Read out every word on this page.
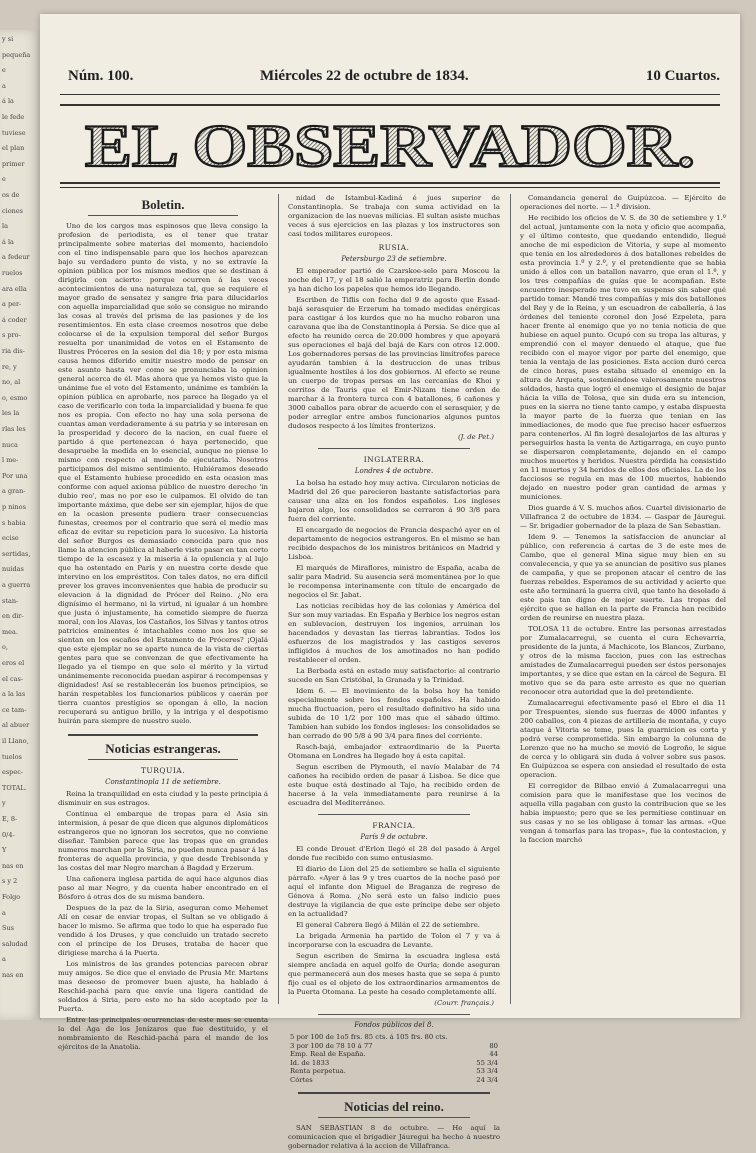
y si
pequeña
e
a
á la
le fede
tuviese
el plan
primer
e
os de
ciones
la
á la
a fedeur
ruelos
ara ella
a per-
á coder
s pro-
ria dis-
re, y
no, al
o, esmo
les la
rlas les
nuca
l me-
Por una
a gran-
p ninos
s habia
ecise
sertidas,
nuidas
a guerra
stan-
en dir-
mea.
o,
eros el
el cas-
a la las
ce tam-
al abuer
il Llano,
tuelos
espec-
TOTAL.
y
E, 8-
0/4-
Y
nas en
s y 2
Folgo
a
Sus
saludad
a
nas en
Núm. 100.	Miércoles 22 de octubre de 1834.	10 Cuartos.
EL OBSERVADOR.
Boletin.

Uno de los cargos mas espinosos que lleva consigo la profesion de periodista, es el tener que tratar principalmente sobre materias del momento, haciendolo con el tino indispensable para que los hechos aparezcan bajo su verdadero punto de vista, y no se extravíe la opinion pública por los mismos medios que se destinan á dirigirla con acierto: porque ocurren á las veces acontecimientos de una naturaleza tal, que se requiere el mayor grado de sensatez y sangre fria para dilucidarlos con aquella imparcialidad que solo se consigue no mirando las cosas al través del prisma de las pasiones y de los resentimientos. En esta clase creemos nosotros que debe colocarse el de la expulsion temporal del señor Burgos resuelta por unanimidad de votos en el Estamento de Ilustres Próceres en la sesion del dia 18; y por esta misma causa hemos diferido emitir nuestro modo de pensar en este asunto hasta ver como se pronunciaba la opinion general acerca de él. Mas ahora que ya hemos visto que la unánime fue el voto del Estamento, unánime es también la opinion pública en aprobarle, nos parece ha llegado ya el caso de verificarlo con toda la imparcialidad y buena fe que nos es propia. Con efecto no hay una sola persona de cuantas aman verdaderamente á su patria y se interesan en la prosperidad y decoro de la nacion, en cual fuere el partido á que pertenezcan ó haya pertenecido, que desapruebe la medida en lo esencial, aunque no piense lo mismo con respecto al modo de ejecutarla. Nosotros participamos del mismo sentimiento. Hubiéramos deseado que el Estamento hubiese procedido en esta ocasion mas conforme con aquel axioma público de nuestro derecho 'in dubio reo', mas no por eso le culpamos. El olvido de tan importante máxima, que debe ser sin ejemplar, hijos de que en la ocasion presente pudiera traer consecuencias funestas, creemos por el contrario que será el medio mas eficaz de evitar su repeticion para lo sucesivo. La historia del señor Burgos es demasiado conocida para que nos llame la atencion pública al haberle visto pasar en tan corto tiempo de la escasez y la miseria á la opulencia y al lujo que ha ostentado en París y en nuestra corte desde que intervino en los empréstitos. Con tales datos, no era difícil prever los graves inconvenientes que habia de producir su elevacion á la dignidad de Prócer del Reino. ¿No era dignísimo el hermano, ni la virtud, ni igualar á un hombre que justa ó injustamente, ha cometido siempre de fuerza moral, con los Alavas, los Castaños, los Silvas y tantos otros patricios eminentes é intachables como nos los que se sientan en los escaños del Estamento de Próceres? ¡Ojalá que este ejemplar no se aparte nunca de la vista de ciertas gentes para que se convenzan de que efectivamente ha llegado ya el tiempo en que solo el mérito y la virtud unánimemente reconocida puedan aspirar á recompensas y dignidades! Así se restablecerán los buenos principios, se harán respetables los funcionarios públicos y caerán por tierra cuantos prestigios se opongan á ello, la nacion recuperará su antiguo brillo, y la intriga y el despotismo huirán para siempre de nuestro suelo.

Noticias estrangeras.
TURQUIA.
Constantinopla 11 de setiembre.

Reina la tranquilidad en esta ciudad y la peste principia á disminuir en sus estragos.

Continua el embarque de tropas para el Asia sin intermision, á pesar de que dicen que algunos diplomáticos estrangeros que no ignoran los secretos, que no conviene diseñar. Tambien parece que las tropas que en grandes numeros marchan por la Siria, no pueden nunca pasar á las fronteras de aquella provincia, y que desde Trebisonda y las costas del mar Negro marchan á Bagdad y Erzerum.

Una cañonera inglesa partida de aquí hace algunos dias paso al mar Negro, y da cuenta haber encontrado en el Bósforo á otras dos de su misma bandera.

Despues de la paz de la Siria, aseguran como Mehemet Alí en cesar de enviar tropas, el Sultan se ve obligado á hacer lo mismo. Se afirma que todo lo que ha esperado fue vendido á los Druses, y que concluido un tratado secreto con el principe de los Druses, trataba de hacer que dirigiese marcha á la Puerta.

Los ministros de las grandes potencias parecen obrar muy amigos. Se dice que el enviado de Prusia Mr. Martens mas deseoso de promover buen ajuste, ha hablado á Reschid-pachá para que envíe una ligera cantidad de soldados á Siria, pero esto no ha sido aceptado por la Puerta.

Entre las principales ocurrencias de este mes se cuenta la del Aga de los Jenízaros que fue destituido, y el nombramiento de Reschid-pachá para el mando de los ejércitos de la Anatolia.

nidad de Istambul-Kadiná é jues superior de Constantinopla. Se trabaja con suma actividad en la organizacion de las nuevas milicias. El sultan asiste muchas veces á sus ejercicios en las plazas y los instructores son casi todos militares europeos.

RUSIA.
Petersburgo 23 de setiembre.

El emperador partió de Czarskoe-selo para Moscou la noche del 17, y el 18 salió la emperatriz para Berlin donde ya han dicho los papeles que hemos ido llegando.

Escriben de Tiflis con fecha del 9 de agosto que Essad-bajá serasquier de Erzerum ha tomado medidas enérgicas para castigar á los kurdos que no ha mucho robaron una caravana que iba de Constantinopla á Persia. Se dice que al efecto ha reunido cerca de 20.000 hombres y que apoyará sus operaciones el bajá del bajá de Kars con otros 12.000. Los gobernadores persas de las provincias limítrofes parece ayudarán tambien á la destruccion de unas tribus igualmente hostiles á los dos gobiernos. Al efecto se reune un cuerpo de tropas persas en las cercanías de Khoi y cerritos de Tauris que el Emir-Nizam tiene orden de marchar á la frontera turca con 4 batallones, 6 cañones y 3000 caballos para obrar de acuerdo con el serasquier, y de poder arreglar entre ambos funcionarios algunos puntos dudosos respecto á los límites fronterizos.

(J. de Pet.)
INGLATERRA.
Londres 4 de octubre.

La bolsa ha estado hoy muy activa. Circularon noticias de Madrid del 26 que parecieron bastante satisfactorias para causar una alza en los fondos españoles. Los ingleses bajaron algo, los consolidados se cerraron á 90 3/8 para fuera del corriente.

El encargado de negocios de Francia despachó ayer en el departamento de negocios estrangeros. En el mismo se han recibido despachos de los ministros británicos en Madrid y Lisboa.

El marqués de Miraflores, ministro de España, acaba de salir para Madrid. Su ausencia será momentánea por lo que le recompensa interinamente con título de encargado de negocios el Sr. Jabat.

Las noticias recibidas hoy de las colonias y América del Sur son muy variadas. En España y Berbice los negros estan en sublevacion, destruyen los ingenios, arruinan los hacendados y devastan las tierras labrantías. Todos los esfuerzos de los magistrados y las castigos severos infligidos á muchos de los amotinados no han podido restablecer el orden.

La Berbada está en estado muy satisfactorio: al contrario sucede en San Cristóbal, la Granada y la Trinidad.

Idem 6. — El movimiento de la bolsa hoy ha tenido especialmente sobre los fondos españoles. Ha habido mucha fluctuacion, pero el resultado definitivo ha sido una subida de 10 1/2 por 100 mas que el sábado último. Tambien han subido los fondos ingleses: los consolidados se han cerrado de 90 5/8 á 90 3/4 para fines del corriente.

Rasch-bajá, embajador extraordinario de la Puerta Otomana en Londres ha llegado hoy á esta capital.

Segun escriben de Plymouth, el navío Malabar de 74 cañones ha recibido orden de pasar á Lisboa. Se dice que este buque está destinado al Tajo, ha recibido orden de hacerse á la vela inmediatamente para reunirse á la escuadra del Mediterráneo.

FRANCIA.
París 9 de octubre.

El conde Drouet d'Erlon llegó el 28 del pasado á Argel donde fue recibido con sumo entusiasmo.

El diario de Lion del 25 de setiembre se halla el siguiente párrafo. «Ayer á las 9 y tres cuartos de la noche pasó por aquí el infante don Miguel de Braganza de regreso de Génova á Roma. ¿No será este un falso indicio pues destruye la vigilancia de que este príncipe debe ser objeto en la actualidad?

El general Cabrera llegó á Milán el 22 de setiembre.

La brigada Armenia ha partido de Tolon el 7 y va á incorporarse con la escuadra de Levante.

Segun escriben de Smirna la escuadra inglesa está siempre anclada en aquel golfo de Ourla; donde aseguran que permanecerá aun dos meses hasta que se sepa á punto fijo cual es el objeto de los extraordinarios armamentos de la Puerta Otomana. La peste ha cesado completamente allí.

(Courr. français.)
Fondos públicos del 8.
5 por 100 de 1o5 frs. 85 cts. á 105 frs. 80 cts.	
3 por 100 de 78 10 á 77	80
Emp. Real de España.	44
Id. de 1833	55 3/4
Renta perpetua.	53 3/4
Córtes	24 3/4
Noticias del reino.

SAN SEBASTIAN 8 de octubre. — He aquí la comunicacion que el brigadier Jáuregui ha hecho á nuestro gobernador relativa á la accion de Villafranca.

Comandancia general de Guipúzcoa. — Ejército de operaciones del norte. — 1.ª division.

He recibido los oficios de V. S. de 30 de setiembre y 1.º del actual, juntamente con la nota y oficio que acompaña, y el último contesto, que quedando entendido, llegué anoche de mi espedicion de Vitoria, y supe al momento que tenia en los alrededores á dos batallones rebeldes de esta provincia 1.º y 2.º, y el pretendiente que se habia unido á ellos con un batallon navarro, que eran el 1.º, y los tres compañías de guías que le acompañan. Este encuentro inesperado me tuvo en suspenso sin saber qué partido tomar. Mandé tres compañías y mis dos batallones del Rey y de la Reina, y un escuadron de caballería, á las órdenes del teniente coronel don José Ezpeleta, para hacer frente al enemigo que yo no tenia noticia de que hubiese en aquel punto. Ocupó con su tropa las alturas, y emprendió con el mayor denuedo el ataque, que fue recibido con el mayor vigor por parte del enemigo, que tenia la ventaja de las posiciones. Esta accion duró cerca de cinco horas, pues estaba situado el enemigo en la altura de Arqueta, sosteniéndose valerosamente nuestros soldados, hasta que logró el enemigo el designio de bajar hácia la villa de Tolosa, que sin duda era su intencion, pues en la sierra no tiene tanto campo, y estaba dispuesta la mayor parte de la fuerza que tenian en las inmediaciones, de modo que fue preciso hacer esfuerzos para contenerlos. Al fin logré desalojarlos de las alturas y perseguirlos hasta la venta de Aztigarraga, en cuyo punto se dispersaron completamente, dejando en el campo muchos muertos y heridos. Nuestra pérdida ha consistido en 11 muertos y 34 heridos de ellos dos oficiales. La de los facciosos se regula en mas de 100 muertos, habiendo dejado en nuestro poder gran cantidad de armas y municiones.

Dios guarde á V. S. muchos años. Cuartel divisionario de Villafranca 2 de octubre de 1834. — Gaspar de Jáuregui. — Sr. brigadier gobernador de la plaza de San Sebastian.

Idem 9. — Tenemos la satisfaccion de anunciar al público, con referencia á cartas de 3 de este mes de Cambo, que el general Mina sigue muy bien en su convalecencia, y que ya se anuncian de positivo sus planes de campaña, y que se proponen atacar el centro de las fuerzas rebeldes. Esperamos de su actividad y acierto que este año terminará la guerra civil, que tanto ha desolado á este pais tan digno de mejor suerte. Las tropas del ejército que se hallan en la parte de Francia han recibido orden de reunirse en nuestra plaza.

TOLOSA 11 de octubre. Entre las personas arrestadas por Zumalacarregui, se cuenta el cura Echevarria, presidente de la junta, á Machicote, los Blancos, Zurbano, y otros de la misma faccion, pues con las estrechas amistades de Zumalacarregui pueden ser éstos personajes importantes, y se dice que estan en la cárcel de Segura. El motivo que se da para este arresto es que no querian reconocer otra autoridad que la del pretendiente.

Zumalacarregui efectivamente pasó el Ebro el dia 11 por Trespuentes, siendo sus fuerzas de 4000 infantes y 200 caballos, con 4 piezas de artillería de montaña, y cuyo ataque á Vitoria se teme, pues la guarnicion es corta y podrá verse comprometida. Sin embargo la columna de Lorenzo que no ha mucho se movió de Logroño, le sigue de cerca y lo obligará sin duda á volver sobre sus pasos. En Guipúzcoa se espera con ansiedad el resultado de esta operacion.

El corregidor de Bilbao envió á Zumalacarregui una comision para que le manifestase que los vecinos de aquella villa pagaban con gusto la contribucion que se les habia impuesto; pero que se les permitiese continuar en sus casas y no se les obligase á tomar las armas. «Que vengan á tomarlas para las tropas», fue la contestacion, y la faccion marchó
